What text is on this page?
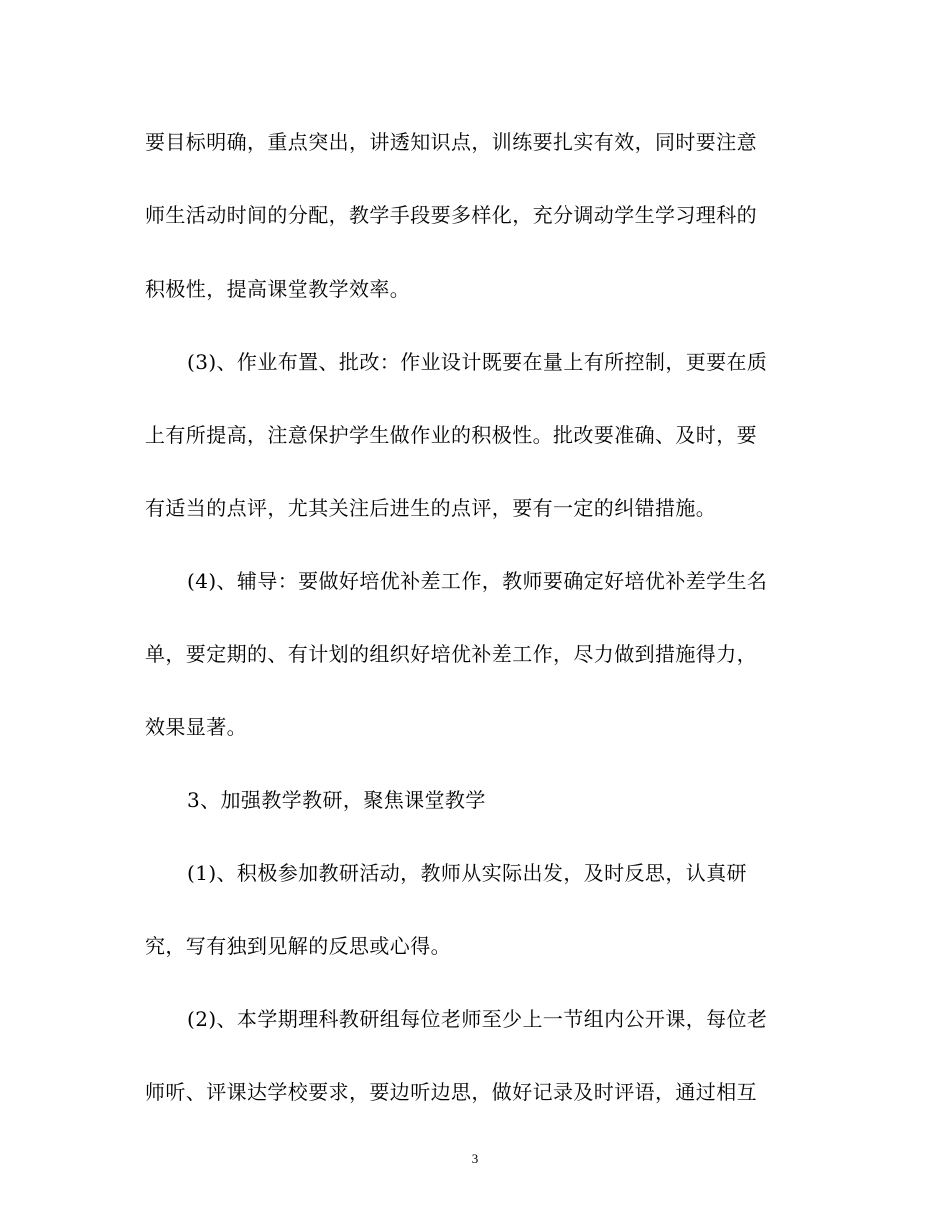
要目标明确，重点突出，讲透知识点，训练要扎实有效，同时要注意
师生活动时间的分配，教学手段要多样化，充分调动学生学习理科的
积极性，提高课堂教学效率。
(3)、作业布置、批改：作业设计既要在量上有所控制，更要在质
上有所提高，注意保护学生做作业的积极性。批改要准确、及时，要
有适当的点评，尤其关注后进生的点评，要有一定的纠错措施。
(4)、辅导：要做好培优补差工作，教师要确定好培优补差学生名
单，要定期的、有计划的组织好培优补差工作，尽力做到措施得力，
效果显著。
3、加强教学教研，聚焦课堂教学
(1)、积极参加教研活动，教师从实际出发，及时反思，认真研
究，写有独到见解的反思或心得。
(2)、本学期理科教研组每位老师至少上一节组内公开课，每位老
师听、评课达学校要求，要边听边思，做好记录及时评语，通过相互
3
